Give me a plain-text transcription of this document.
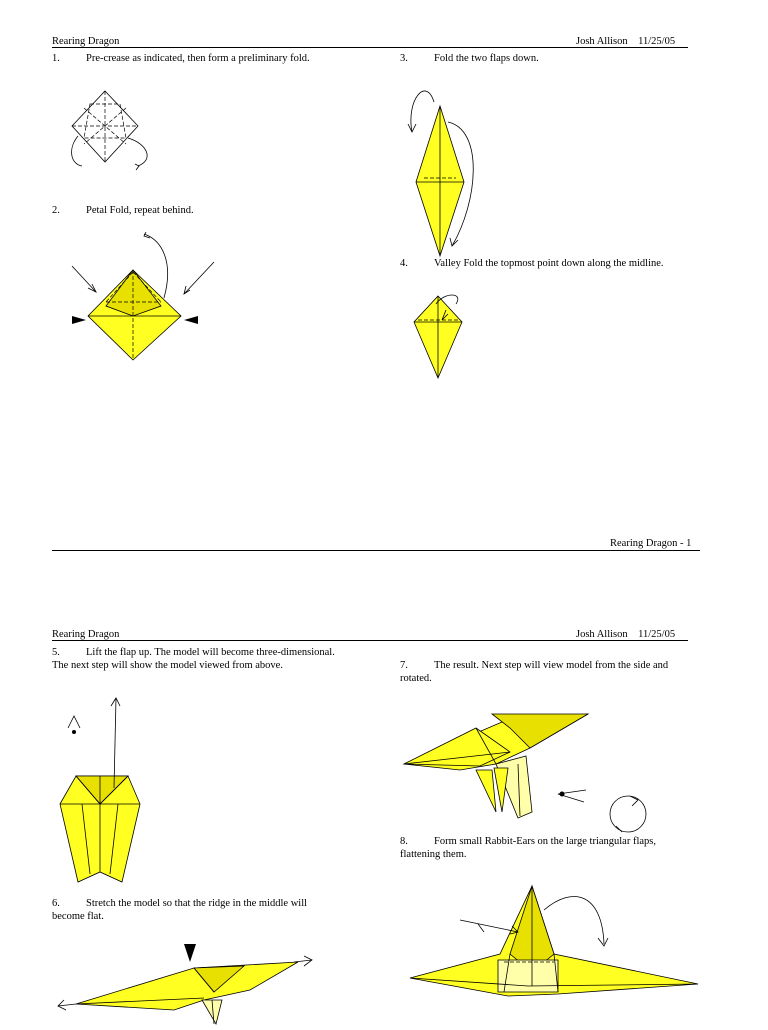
Rearing Dragon	Josh Allison    11/25/05
1. Pre-crease as indicated, then form a preliminary fold.
2. Petal Fold, repeat behind.
3. Fold the two flaps down.
4. Valley Fold the topmost point down along the midline.
Rearing Dragon - 1
Rearing Dragon	Josh Allison    11/25/05
5. Lift the flap up. The model will become three-dimensional.
The next step will show the model viewed from above.
6. Stretch the model so that the ridge in the middle will
become flat.
7. The result. Next step will view model from the side and
rotated.
8. Form small Rabbit-Ears on the large triangular flaps,
flattening them.
